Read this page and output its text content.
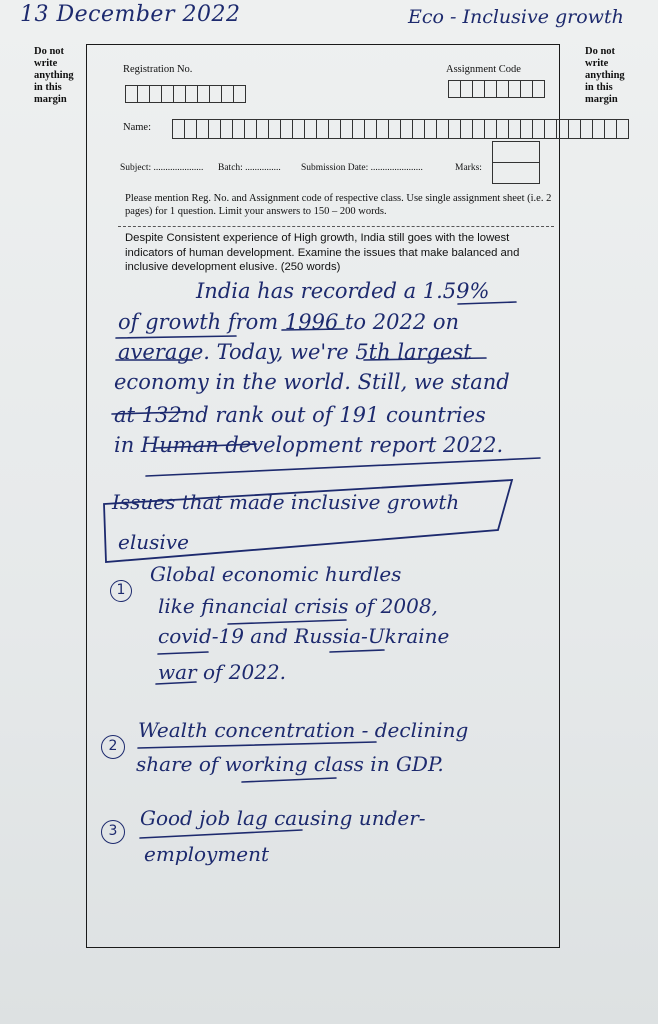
13 December 2022	Eco - Inclusive growth
Do not
write
anything
in this
margin
Do not
write
anything
in this
margin
Registration No.	Assignment Code
Name:
Subject: ..................... Batch: ............... Submission Date: ......................	Marks:
Please mention Reg. No. and Assignment code of respective class. Use single assignment sheet (i.e. 2 pages) for 1 question. Limit your answers to 150 – 200 words.
Despite Consistent experience of High growth, India still goes with the lowest indicators of human development. Examine the issues that make balanced and inclusive development elusive. (250 words)
India has recorded a 1.59%
of growth from 1996 to 2022 on
average. Today, we're 5th largest
economy in the world. Still, we stand
at 132nd rank out of 191 countries
in Human development report 2022.
Issues that made inclusive growth
elusive
1
Global economic hurdles
like financial crisis of 2008,
covid-19 and Russia-Ukraine
war of 2022.
2
Wealth concentration - declining
share of working class in GDP.
3
Good job lag causing under-
employment
